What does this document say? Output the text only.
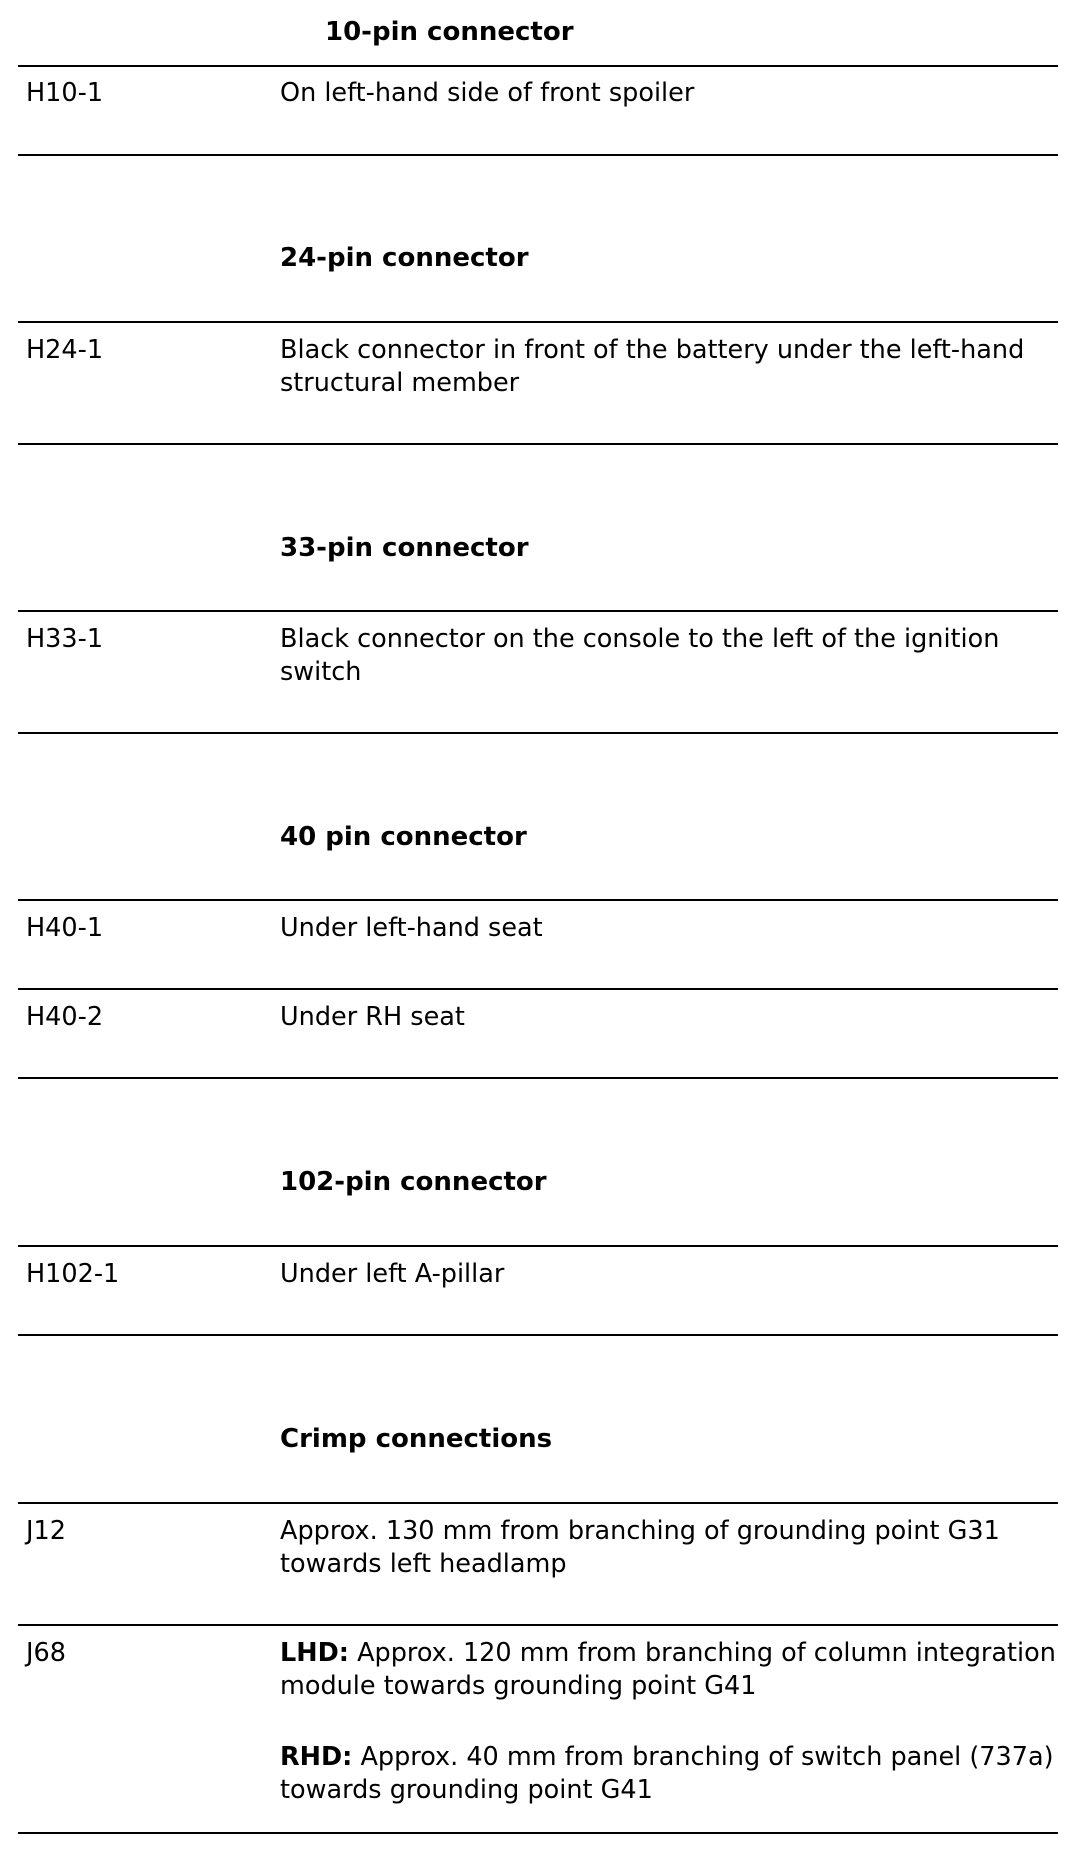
10-pin connector
H10-1	On left-hand side of front spoiler
24-pin connector
H24-1	Black connector in front of the battery under the left-hand structural member
33-pin connector
H33-1	Black connector on the console to the left of the ignition switch
40 pin connector
H40-1	Under left-hand seat
H40-2	Under RH seat
102-pin connector
H102-1	Under left A-pillar
Crimp connections
J12	Approx. 130 mm from branching of grounding point G31 towards left headlamp
J68	LHD: Approx. 120 mm from branching of column integration module towards grounding point G41

RHD: Approx. 40 mm from branching of switch panel (737a) towards grounding point G41
